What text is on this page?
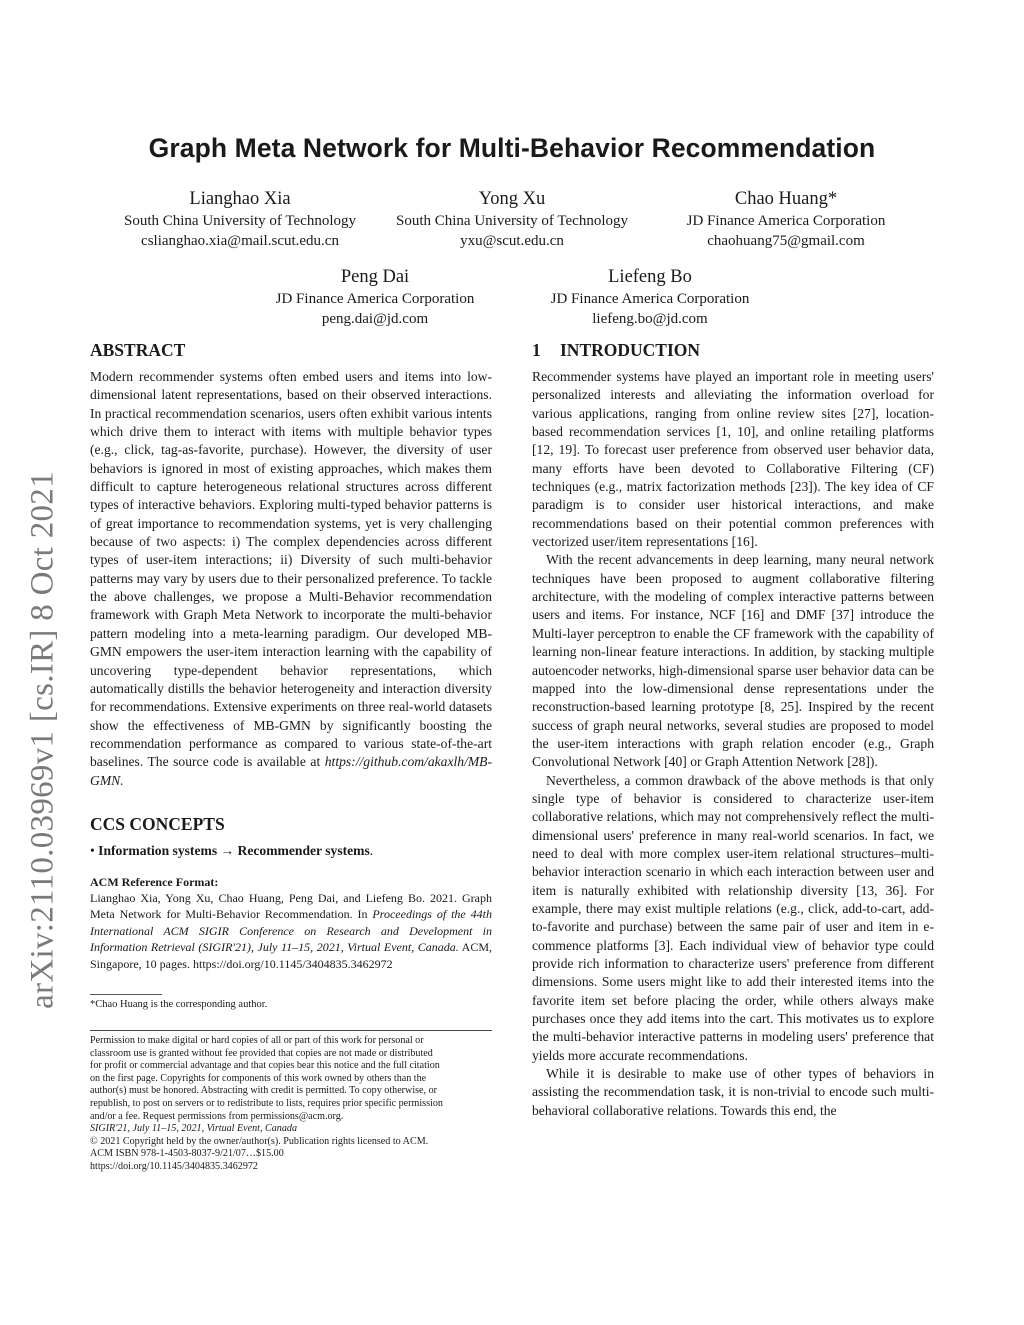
arXiv:2110.03969v1 [cs.IR] 8 Oct 2021
Graph Meta Network for Multi-Behavior Recommendation
Lianghao Xia
South China University of Technology
cslianghao.xia@mail.scut.edu.cn
Yong Xu
South China University of Technology
yxu@scut.edu.cn
Chao Huang*
JD Finance America Corporation
chaohuang75@gmail.com
Peng Dai
JD Finance America Corporation
peng.dai@jd.com
Liefeng Bo
JD Finance America Corporation
liefeng.bo@jd.com
ABSTRACT

Modern recommender systems often embed users and items into low-dimensional latent representations, based on their observed interactions. In practical recommendation scenarios, users often exhibit various intents which drive them to interact with items with multiple behavior types (e.g., click, tag-as-favorite, purchase). However, the diversity of user behaviors is ignored in most of existing approaches, which makes them difficult to capture heterogeneous relational structures across different types of interactive behaviors. Exploring multi-typed behavior patterns is of great importance to recommendation systems, yet is very challenging because of two aspects: i) The complex dependencies across different types of user-item interactions; ii) Diversity of such multi-behavior patterns may vary by users due to their personalized preference. To tackle the above challenges, we propose a Multi-Behavior recommendation framework with Graph Meta Network to incorporate the multi-behavior pattern modeling into a meta-learning paradigm. Our developed MB-GMN empowers the user-item interaction learning with the capability of uncovering type-dependent behavior representations, which automatically distills the behavior heterogeneity and interaction diversity for recommendations. Extensive experiments on three real-world datasets show the effectiveness of MB-GMN by significantly boosting the recommendation performance as compared to various state-of-the-art baselines. The source code is available at https://github.com/akaxlh/MB-GMN.

CCS CONCEPTS
• Information systems → Recommender systems.
ACM Reference Format:
Lianghao Xia, Yong Xu, Chao Huang, Peng Dai, and Liefeng Bo. 2021. Graph Meta Network for Multi-Behavior Recommendation. In Proceedings of the 44th International ACM SIGIR Conference on Research and Development in Information Retrieval (SIGIR'21), July 11–15, 2021, Virtual Event, Canada. ACM, Singapore, 10 pages. https://doi.org/10.1145/3404835.3462972
*Chao Huang is the corresponding author.
Permission to make digital or hard copies of all or part of this work for personal or
classroom use is granted without fee provided that copies are not made or distributed
for profit or commercial advantage and that copies bear this notice and the full citation
on the first page. Copyrights for components of this work owned by others than the
author(s) must be honored. Abstracting with credit is permitted. To copy otherwise, or
republish, to post on servers or to redistribute to lists, requires prior specific permission
and/or a fee. Request permissions from permissions@acm.org.
SIGIR'21, July 11–15, 2021, Virtual Event, Canada
© 2021 Copyright held by the owner/author(s). Publication rights licensed to ACM.
ACM ISBN 978-1-4503-8037-9/21/07…$15.00
https://doi.org/10.1145/3404835.3462972
1 INTRODUCTION

Recommender systems have played an important role in meeting users' personalized interests and alleviating the information overload for various applications, ranging from online review sites [27], location-based recommendation services [1, 10], and online retailing platforms [12, 19]. To forecast user preference from observed user behavior data, many efforts have been devoted to Collaborative Filtering (CF) techniques (e.g., matrix factorization methods [23]). The key idea of CF paradigm is to consider user historical interactions, and make recommendations based on their potential common preferences with vectorized user/item representations [16].

With the recent advancements in deep learning, many neural network techniques have been proposed to augment collaborative filtering architecture, with the modeling of complex interactive patterns between users and items. For instance, NCF [16] and DMF [37] introduce the Multi-layer perceptron to enable the CF framework with the capability of learning non-linear feature interactions. In addition, by stacking multiple autoencoder networks, high-dimensional sparse user behavior data can be mapped into the low-dimensional dense representations under the reconstruction-based learning prototype [8, 25]. Inspired by the recent success of graph neural networks, several studies are proposed to model the user-item interactions with graph relation encoder (e.g., Graph Convolutional Network [40] or Graph Attention Network [28]).

Nevertheless, a common drawback of the above methods is that only single type of behavior is considered to characterize user-item collaborative relations, which may not comprehensively reflect the multi-dimensional users' preference in many real-world scenarios. In fact, we need to deal with more complex user-item relational structures–multi-behavior interaction scenario in which each interaction between user and item is naturally exhibited with relationship diversity [13, 36]. For example, there may exist multiple relations (e.g., click, add-to-cart, add-to-favorite and purchase) between the same pair of user and item in e-commence platforms [3]. Each individual view of behavior type could provide rich information to characterize users' preference from different dimensions. Some users might like to add their interested items into the favorite item set before placing the order, while others always make purchases once they add items into the cart. This motivates us to explore the multi-behavior interactive patterns in modeling users' preference that yields more accurate recommendations.

While it is desirable to make use of other types of behaviors in assisting the recommendation task, it is non-trivial to encode such multi-behavioral collaborative relations. Towards this end, the
